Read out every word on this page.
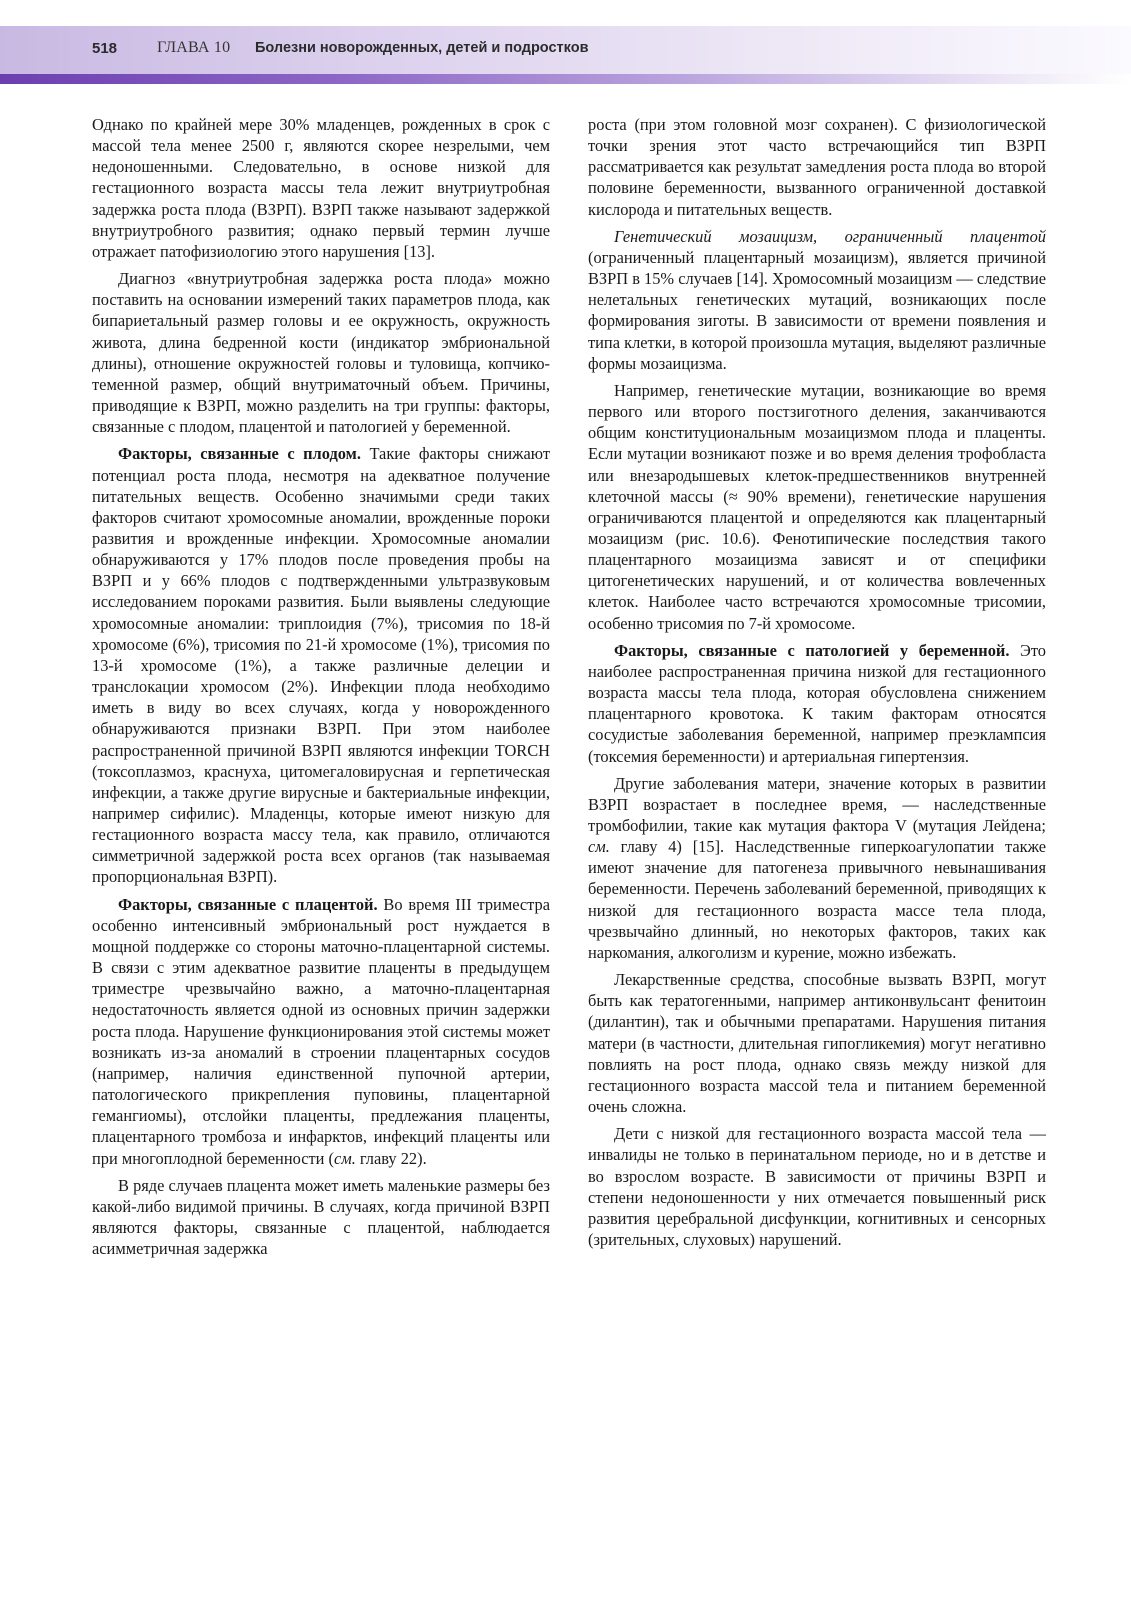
518 ГЛАВА 10 Болезни новорожденных, детей и подростков

Однако по крайней мере 30% младенцев, рожденных в срок с массой тела менее 2500 г, являются скорее незрелыми, чем недоношенными. Следовательно, в основе низкой для гестационного возраста массы тела лежит внутриутробная задержка роста плода (ВЗРП). ВЗРП также называют задержкой внутриутробного развития; однако первый термин лучше отражает патофизиологию этого нарушения [13].

Диагноз «внутриутробная задержка роста плода» можно поставить на основании измерений таких параметров плода, как бипариетальный размер головы и ее окружность, окружность живота, длина бедренной кости (индикатор эмбриональной длины), отношение окружностей головы и туловища, копчико-теменной размер, общий внутриматочный объем. Причины, приводящие к ВЗРП, можно разделить на три группы: факторы, связанные с плодом, плацентой и патологией у беременной.

Факторы, связанные с плодом. Такие факторы снижают потенциал роста плода, несмотря на адекватное получение питательных веществ. Особенно значимыми среди таких факторов считают хромосомные аномалии, врожденные пороки развития и врожденные инфекции. Хромосомные аномалии обнаруживаются у 17% плодов после проведения пробы на ВЗРП и у 66% плодов с подтвержденными ультразвуковым исследованием пороками развития. Были выявлены следующие хромосомные аномалии: триплоидия (7%), трисомия по 18-й хромосоме (6%), трисомия по 21-й хромосоме (1%), трисомия по 13-й хромосоме (1%), а также различные делеции и транслокации хромосом (2%). Инфекции плода необходимо иметь в виду во всех случаях, когда у новорожденного обнаруживаются признаки ВЗРП. При этом наиболее распространенной причиной ВЗРП являются инфекции TORCH (токсоплазмоз, краснуха, цитомегаловирусная и герпетическая инфекции, а также другие вирусные и бактериальные инфекции, например сифилис). Младенцы, которые имеют низкую для гестационного возраста массу тела, как правило, отличаются симметричной задержкой роста всех органов (так называемая пропорциональная ВЗРП).

Факторы, связанные с плацентой. Во время III триместра особенно интенсивный эмбриональный рост нуждается в мощной поддержке со стороны маточно-плацентарной системы. В связи с этим адекватное развитие плаценты в предыдущем триместре чрезвычайно важно, а маточно-плацентарная недостаточность является одной из основных причин задержки роста плода. Нарушение функционирования этой системы может возникать из-за аномалий в строении плацентарных сосудов (например, наличия единственной пупочной артерии, патологического прикрепления пуповины, плацентарной гемангиомы), отслойки плаценты, предлежания плаценты, плацентарного тромбоза и инфарктов, инфекций плаценты или при многоплодной беременности (см. главу 22).

В ряде случаев плацента может иметь маленькие размеры без какой-либо видимой причины. В случаях, когда причиной ВЗРП являются факторы, связанные с плацентой, наблюдается асимметричная задержка

роста (при этом головной мозг сохранен). С физиологической точки зрения этот часто встречающийся тип ВЗРП рассматривается как результат замедления роста плода во второй половине беременности, вызванного ограниченной доставкой кислорода и питательных веществ.

Генетический мозаицизм, ограниченный плацентой (ограниченный плацентарный мозаицизм), является причиной ВЗРП в 15% случаев [14]. Хромосомный мозаицизм — следствие нелетальных генетических мутаций, возникающих после формирования зиготы. В зависимости от времени появления и типа клетки, в которой произошла мутация, выделяют различные формы мозаицизма.

Например, генетические мутации, возникающие во время первого или второго постзиготного деления, заканчиваются общим конституциональным мозаицизмом плода и плаценты. Если мутации возникают позже и во время деления трофобласта или внезародышевых клеток-предшественников внутренней клеточной массы (≈ 90% времени), генетические нарушения ограничиваются плацентой и определяются как плацентарный мозаицизм (рис. 10.6). Фенотипические последствия такого плацентарного мозаицизма зависят и от специфики цитогенетических нарушений, и от количества вовлеченных клеток. Наиболее часто встречаются хромосомные трисомии, особенно трисомия по 7-й хромосоме.

Факторы, связанные с патологией у беременной. Это наиболее распространенная причина низкой для гестационного возраста массы тела плода, которая обусловлена снижением плацентарного кровотока. К таким факторам относятся сосудистые заболевания беременной, например преэклампсия (токсемия беременности) и артериальная гипертензия.

Другие заболевания матери, значение которых в развитии ВЗРП возрастает в последнее время, — наследственные тромбофилии, такие как мутация фактора V (мутация Лейдена; см. главу 4) [15]. Наследственные гиперкоагулопатии также имеют значение для патогенеза привычного невынашивания беременности. Перечень заболеваний беременной, приводящих к низкой для гестационного возраста массе тела плода, чрезвычайно длинный, но некоторых факторов, таких как наркомания, алкоголизм и курение, можно избежать.

Лекарственные средства, способные вызвать ВЗРП, могут быть как тератогенными, например антиконвульсант фенитоин (дилантин), так и обычными препаратами. Нарушения питания матери (в частности, длительная гипогликемия) могут негативно повлиять на рост плода, однако связь между низкой для гестационного возраста массой тела и питанием беременной очень сложна.

Дети с низкой для гестационного возраста массой тела — инвалиды не только в перинатальном периоде, но и в детстве и во взрослом возрасте. В зависимости от причины ВЗРП и степени недоношенности у них отмечается повышенный риск развития церебральной дисфункции, когнитивных и сенсорных (зрительных, слуховых) нарушений.
